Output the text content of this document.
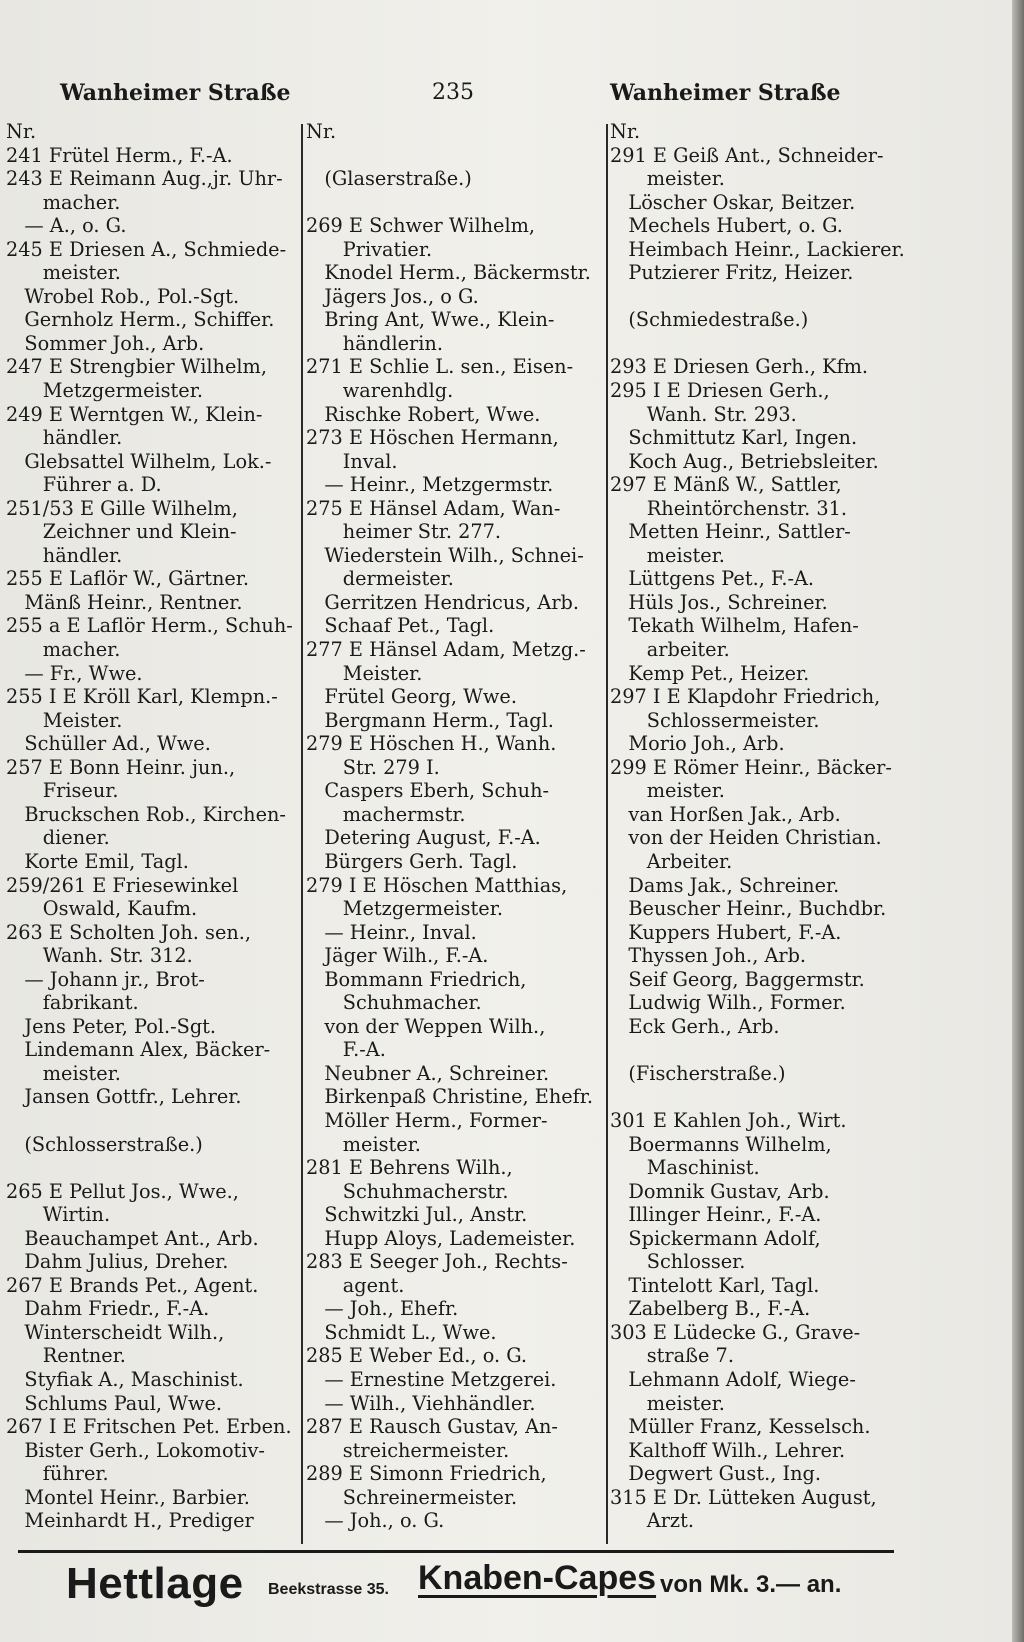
Wanheimer Straße	235	Wanheimer Straße
Nr.
241 Frütel Herm., F.-A.
243 E Reimann Aug.,jr. Uhr-
macher.
— A., o. G.
245 E Driesen A., Schmiede-
meister.
Wrobel Rob., Pol.-Sgt.
Gernholz Herm., Schiffer.
Sommer Joh., Arb.
247 E Strengbier Wilhelm,
Metzgermeister.
249 E Werntgen W., Klein-
händler.
Glebsattel Wilhelm, Lok.-
Führer a. D.
251/53 E Gille Wilhelm,
Zeichner und Klein-
händler.
255 E Laflör W., Gärtner.
Mänß Heinr., Rentner.
255 a E Laflör Herm., Schuh-
macher.
— Fr., Wwe.
255 I E Kröll Karl, Klempn.-
Meister.
Schüller Ad., Wwe.
257 E Bonn Heinr. jun.,
Friseur.
Bruckschen Rob., Kirchen-
diener.
Korte Emil, Tagl.
259/261 E Friesewinkel
Oswald, Kaufm.
263 E Scholten Joh. sen.,
Wanh. Str. 312.
— Johann jr., Brot-
fabrikant.
Jens Peter, Pol.-Sgt.
Lindemann Alex, Bäcker-
meister.
Jansen Gottfr., Lehrer.
(Schlosserstraße.)
265 E Pellut Jos., Wwe.,
Wirtin.
Beauchampet Ant., Arb.
Dahm Julius, Dreher.
267 E Brands Pet., Agent.
Dahm Friedr., F.-A.
Winterscheidt Wilh.,
Rentner.
Styfiak A., Maschinist.
Schlums Paul, Wwe.
267 I E Fritschen Pet. Erben.
Bister Gerh., Lokomotiv-
führer.
Montel Heinr., Barbier.
Meinhardt H., Prediger
Nr.
(Glaserstraße.)
269 E Schwer Wilhelm,
Privatier.
Knodel Herm., Bäckermstr.
Jägers Jos., o G.
Bring Ant, Wwe., Klein-
händlerin.
271 E Schlie L. sen., Eisen-
warenhdlg.
Rischke Robert, Wwe.
273 E Höschen Hermann,
Inval.
— Heinr., Metzgermstr.
275 E Hänsel Adam, Wan-
heimer Str. 277.
Wiederstein Wilh., Schnei-
dermeister.
Gerritzen Hendricus, Arb.
Schaaf Pet., Tagl.
277 E Hänsel Adam, Metzg.-
Meister.
Frütel Georg, Wwe.
Bergmann Herm., Tagl.
279 E Höschen H., Wanh.
Str. 279 I.
Caspers Eberh, Schuh-
machermstr.
Detering August, F.-A.
Bürgers Gerh. Tagl.
279 I E Höschen Matthias,
Metzgermeister.
— Heinr., Inval.
Jäger Wilh., F.-A.
Bommann Friedrich,
Schuhmacher.
von der Weppen Wilh.,
F.-A.
Neubner A., Schreiner.
Birkenpaß Christine, Ehefr.
Möller Herm., Former-
meister.
281 E Behrens Wilh.,
Schuhmacherstr.
Schwitzki Jul., Anstr.
Hupp Aloys, Lademeister.
283 E Seeger Joh., Rechts-
agent.
— Joh., Ehefr.
Schmidt L., Wwe.
285 E Weber Ed., o. G.
— Ernestine Metzgerei.
— Wilh., Viehhändler.
287 E Rausch Gustav, An-
streichermeister.
289 E Simonn Friedrich,
Schreinermeister.
— Joh., o. G.
Nr.
291 E Geiß Ant., Schneider-
meister.
Löscher Oskar, Beitzer.
Mechels Hubert, o. G.
Heimbach Heinr., Lackierer.
Putzierer Fritz, Heizer.
(Schmiedestraße.)
293 E Driesen Gerh., Kfm.
295 I E Driesen Gerh.,
Wanh. Str. 293.
Schmittutz Karl, Ingen.
Koch Aug., Betriebsleiter.
297 E Mänß W., Sattler,
Rheintörchenstr. 31.
Metten Heinr., Sattler-
meister.
Lüttgens Pet., F.-A.
Hüls Jos., Schreiner.
Tekath Wilhelm, Hafen-
arbeiter.
Kemp Pet., Heizer.
297 I E Klapdohr Friedrich,
Schlossermeister.
Morio Joh., Arb.
299 E Römer Heinr., Bäcker-
meister.
van Horßen Jak., Arb.
von der Heiden Christian.
Arbeiter.
Dams Jak., Schreiner.
Beuscher Heinr., Buchdbr.
Kuppers Hubert, F.-A.
Thyssen Joh., Arb.
Seif Georg, Baggermstr.
Ludwig Wilh., Former.
Eck Gerh., Arb.
(Fischerstraße.)
301 E Kahlen Joh., Wirt.
Boermanns Wilhelm,
Maschinist.
Domnik Gustav, Arb.
Illinger Heinr., F.-A.
Spickermann Adolf,
Schlosser.
Tintelott Karl, Tagl.
Zabelberg B., F.-A.
303 E Lüdecke G., Grave-
straße 7.
Lehmann Adolf, Wiege-
meister.
Müller Franz, Kesselsch.
Kalthoff Wilh., Lehrer.
Degwert Gust., Ing.
315 E Dr. Lütteken August,
Arzt.
Hettlage Beekstrasse 35. Knaben-Capes von Mk. 3.— an.
